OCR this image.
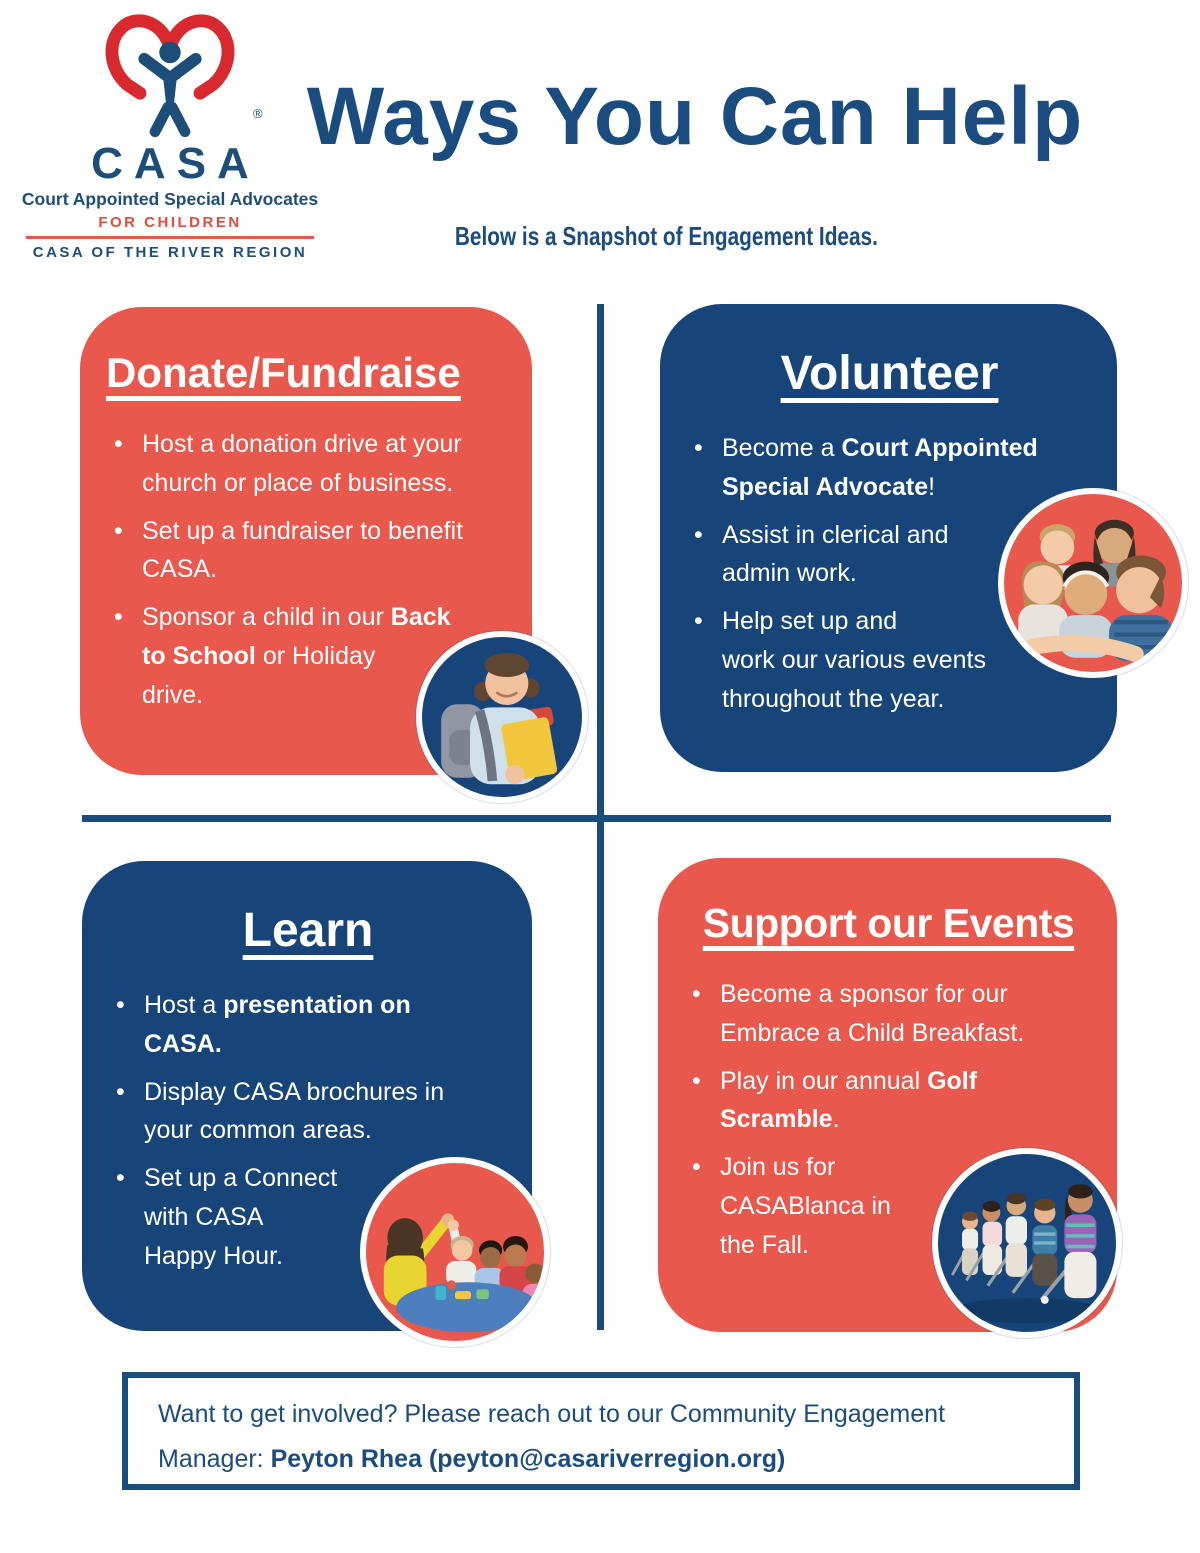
®
CASA
Court Appointed Special Advocates
FOR CHILDREN
CASA OF THE RIVER REGION
Ways You Can Help
Below is a Snapshot of Engagement Ideas.
Donate/Fundraise
• Host a donation drive at your
church or place of business.
• Set up a fundraiser to benefit
CASA.
• Sponsor a child in our Back
to School or Holiday
drive.
Volunteer
• Become a Court Appointed
Special Advocate!
• Assist in clerical and
admin work.
• Help set up and
work our various events
throughout the year.
Learn
• Host a presentation on
CASA.
• Display CASA brochures in
your common areas.
• Set up a Connect
with CASA
Happy Hour.
Support our Events
• Become a sponsor for our
Embrace a Child Breakfast.
• Play in our annual Golf
Scramble.
• Join us for
CASABlanca in
the Fall.
Want to get involved? Please reach out to our Community Engagement
Manager: Peyton Rhea (peyton@casariverregion.org)
